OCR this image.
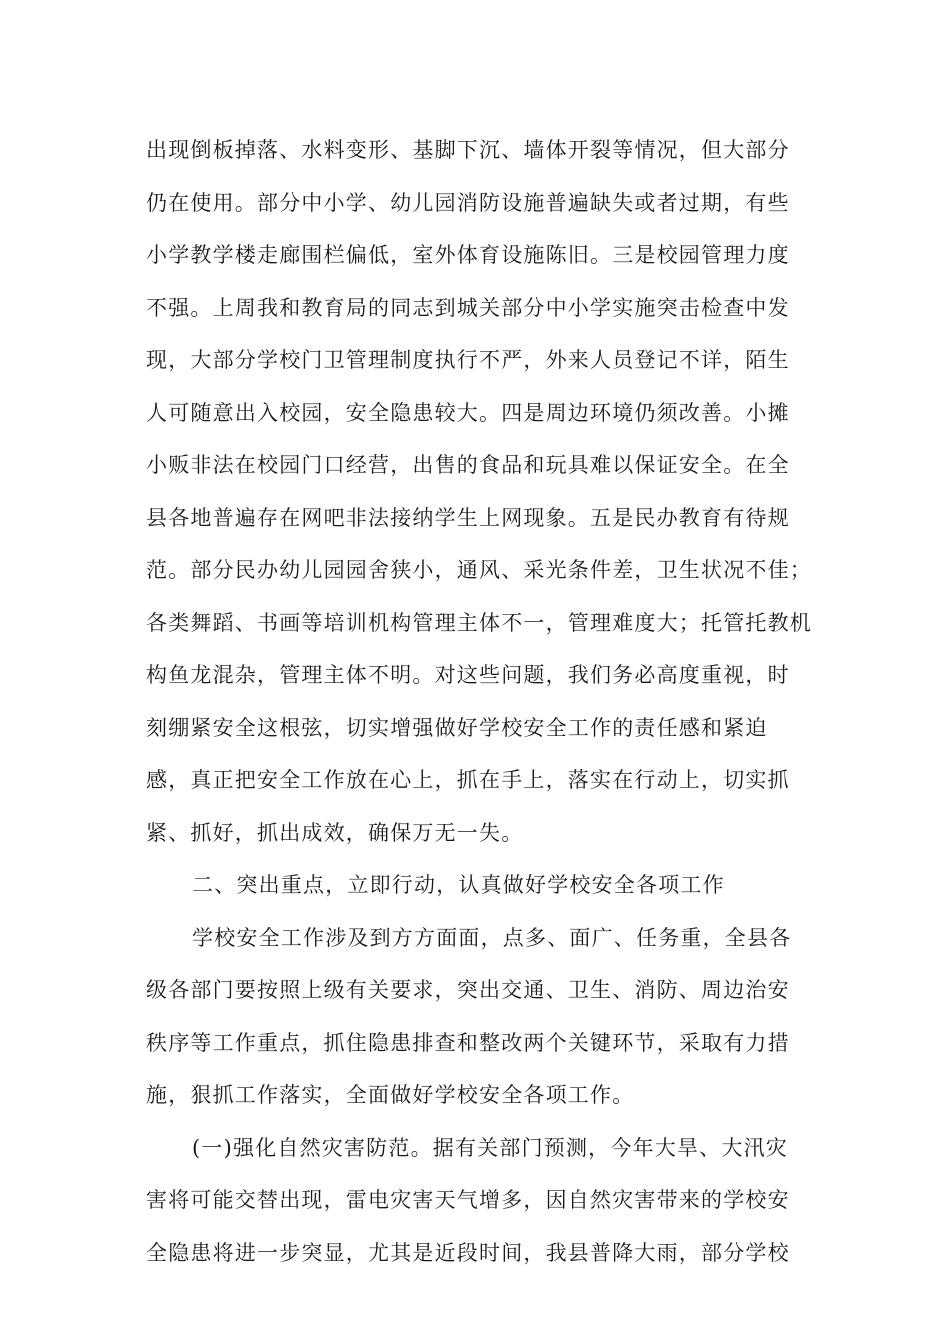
出现倒板掉落、水料变形、基脚下沉、墙体开裂等情况，但大部分
仍在使用。部分中小学、幼儿园消防设施普遍缺失或者过期，有些
小学教学楼走廊围栏偏低，室外体育设施陈旧。三是校园管理力度
不强。上周我和教育局的同志到城关部分中小学实施突击检查中发
现，大部分学校门卫管理制度执行不严，外来人员登记不详，陌生
人可随意出入校园，安全隐患较大。四是周边环境仍须改善。小摊
小贩非法在校园门口经营，出售的食品和玩具难以保证安全。在全
县各地普遍存在网吧非法接纳学生上网现象。五是民办教育有待规
范。部分民办幼儿园园舍狭小，通风、采光条件差，卫生状况不佳；
各类舞蹈、书画等培训机构管理主体不一，管理难度大；托管托教机
构鱼龙混杂，管理主体不明。对这些问题，我们务必高度重视，时
刻绷紧安全这根弦，切实增强做好学校安全工作的责任感和紧迫
感，真正把安全工作放在心上，抓在手上，落实在行动上，切实抓
紧、抓好，抓出成效，确保万无一失。
二、突出重点，立即行动，认真做好学校安全各项工作
学校安全工作涉及到方方面面，点多、面广、任务重，全县各
级各部门要按照上级有关要求，突出交通、卫生、消防、周边治安
秩序等工作重点，抓住隐患排查和整改两个关键环节，采取有力措
施，狠抓工作落实，全面做好学校安全各项工作。
(一)强化自然灾害防范。据有关部门预测，今年大旱、大汛灾
害将可能交替出现，雷电灾害天气增多，因自然灾害带来的学校安
全隐患将进一步突显，尤其是近段时间，我县普降大雨，部分学校
